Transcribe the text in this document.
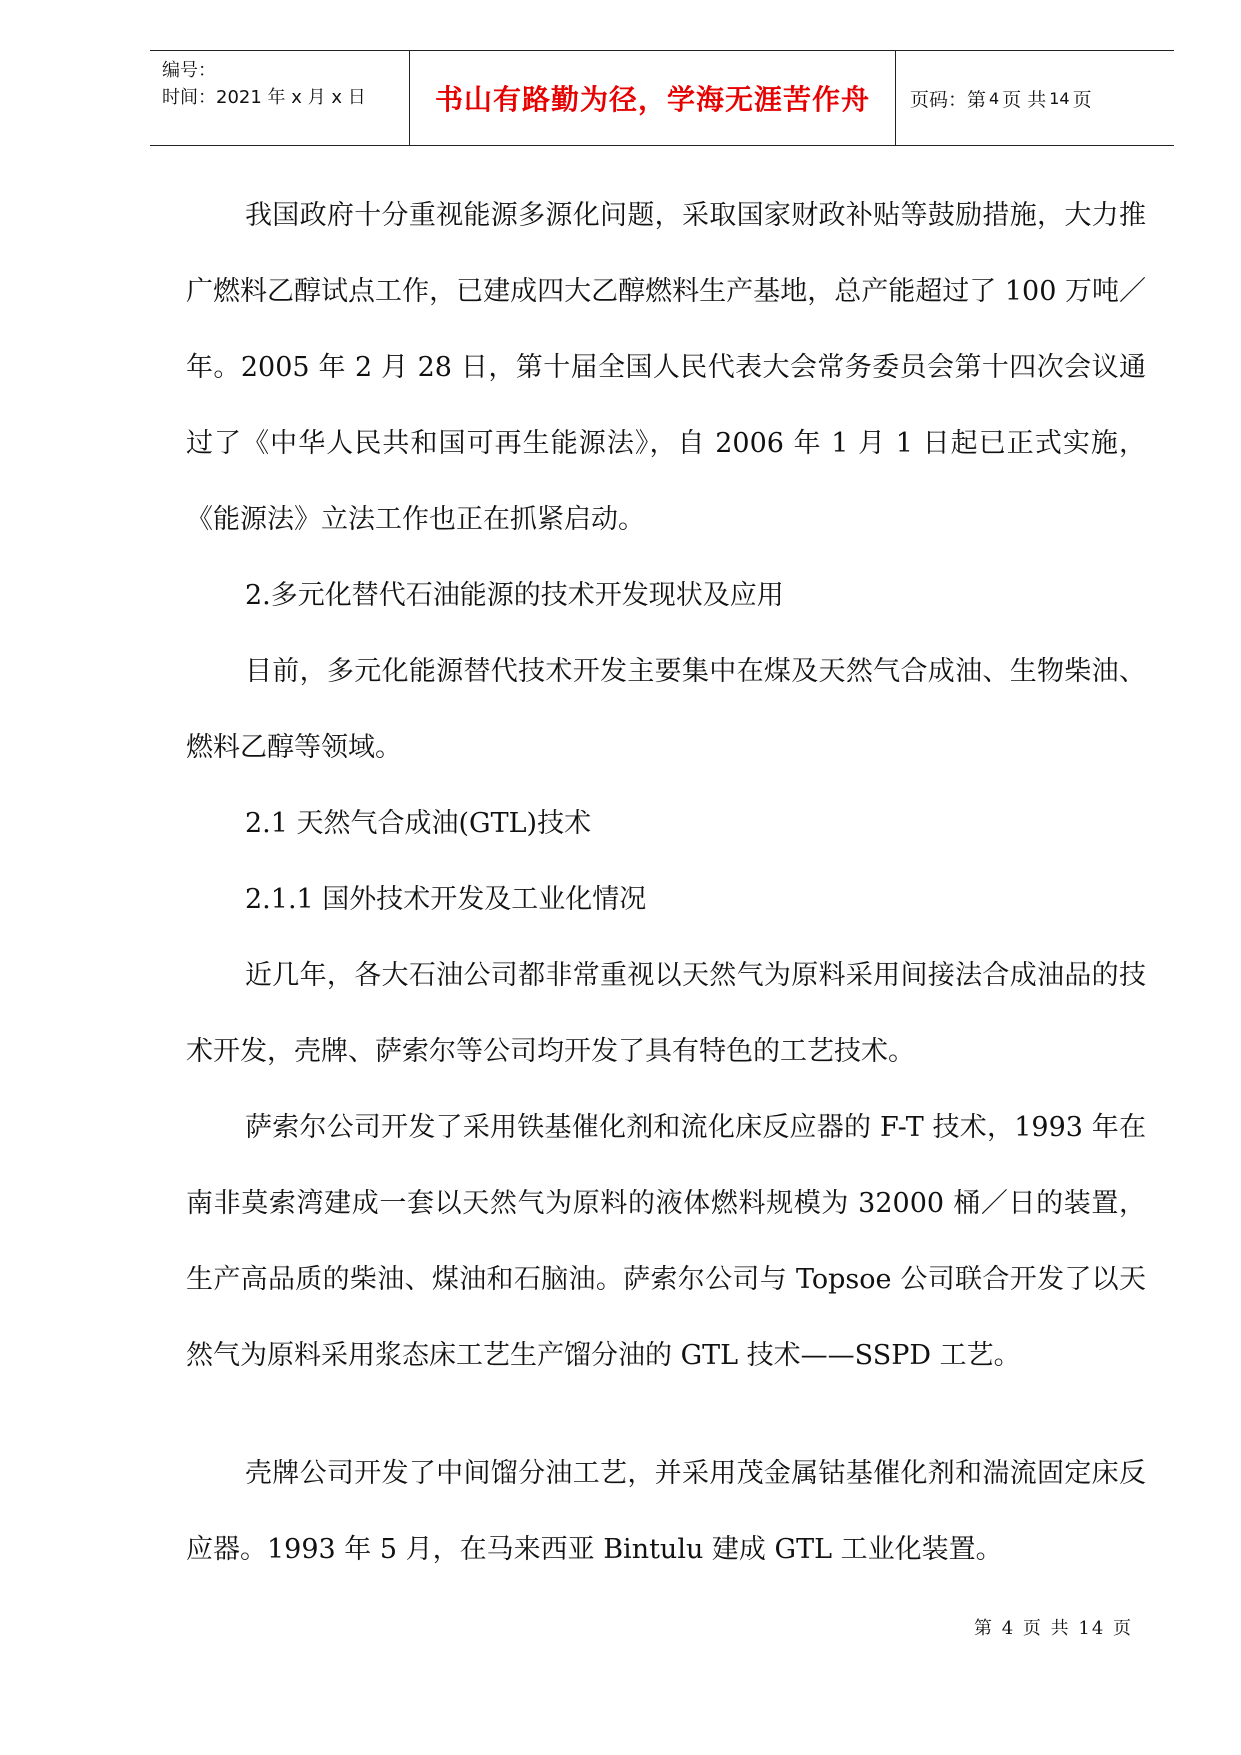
编号：
时间：2021 年 x 月 x 日	书山有路勤为径，学海无涯苦作舟 页码：第 4 页 共 14 页

我国政府十分重视能源多源化问题，采取国家财政补贴等鼓励措施，大力推广燃料乙醇试点工作，已建成四大乙醇燃料生产基地，总产能超过了 100 万吨／年。2005 年 2 月 28 日，第十届全国人民代表大会常务委员会第十四次会议通过了《中华人民共和国可再生能源法》，自 2006 年 1 月 1 日起已正式实施，《能源法》立法工作也正在抓紧启动。

2.多元化替代石油能源的技术开发现状及应用

目前，多元化能源替代技术开发主要集中在煤及天然气合成油、生物柴油、燃料乙醇等领域。

2.1 天然气合成油(GTL)技术

2.1.1 国外技术开发及工业化情况

近几年，各大石油公司都非常重视以天然气为原料采用间接法合成油品的技术开发，壳牌、萨索尔等公司均开发了具有特色的工艺技术。

萨索尔公司开发了采用铁基催化剂和流化床反应器的 F-T 技术，1993 年在南非莫索湾建成一套以天然气为原料的液体燃料规模为 32000 桶／日的装置，生产高品质的柴油、煤油和石脑油。萨索尔公司与 Topsoe 公司联合开发了以天然气为原料采用浆态床工艺生产馏分油的 GTL 技术——SSPD 工艺。

壳牌公司开发了中间馏分油工艺，并采用茂金属钴基催化剂和湍流固定床反应器。1993 年 5 月，在马来西亚 Bintulu 建成 GTL 工业化装置。

第 4 页 共 14 页
